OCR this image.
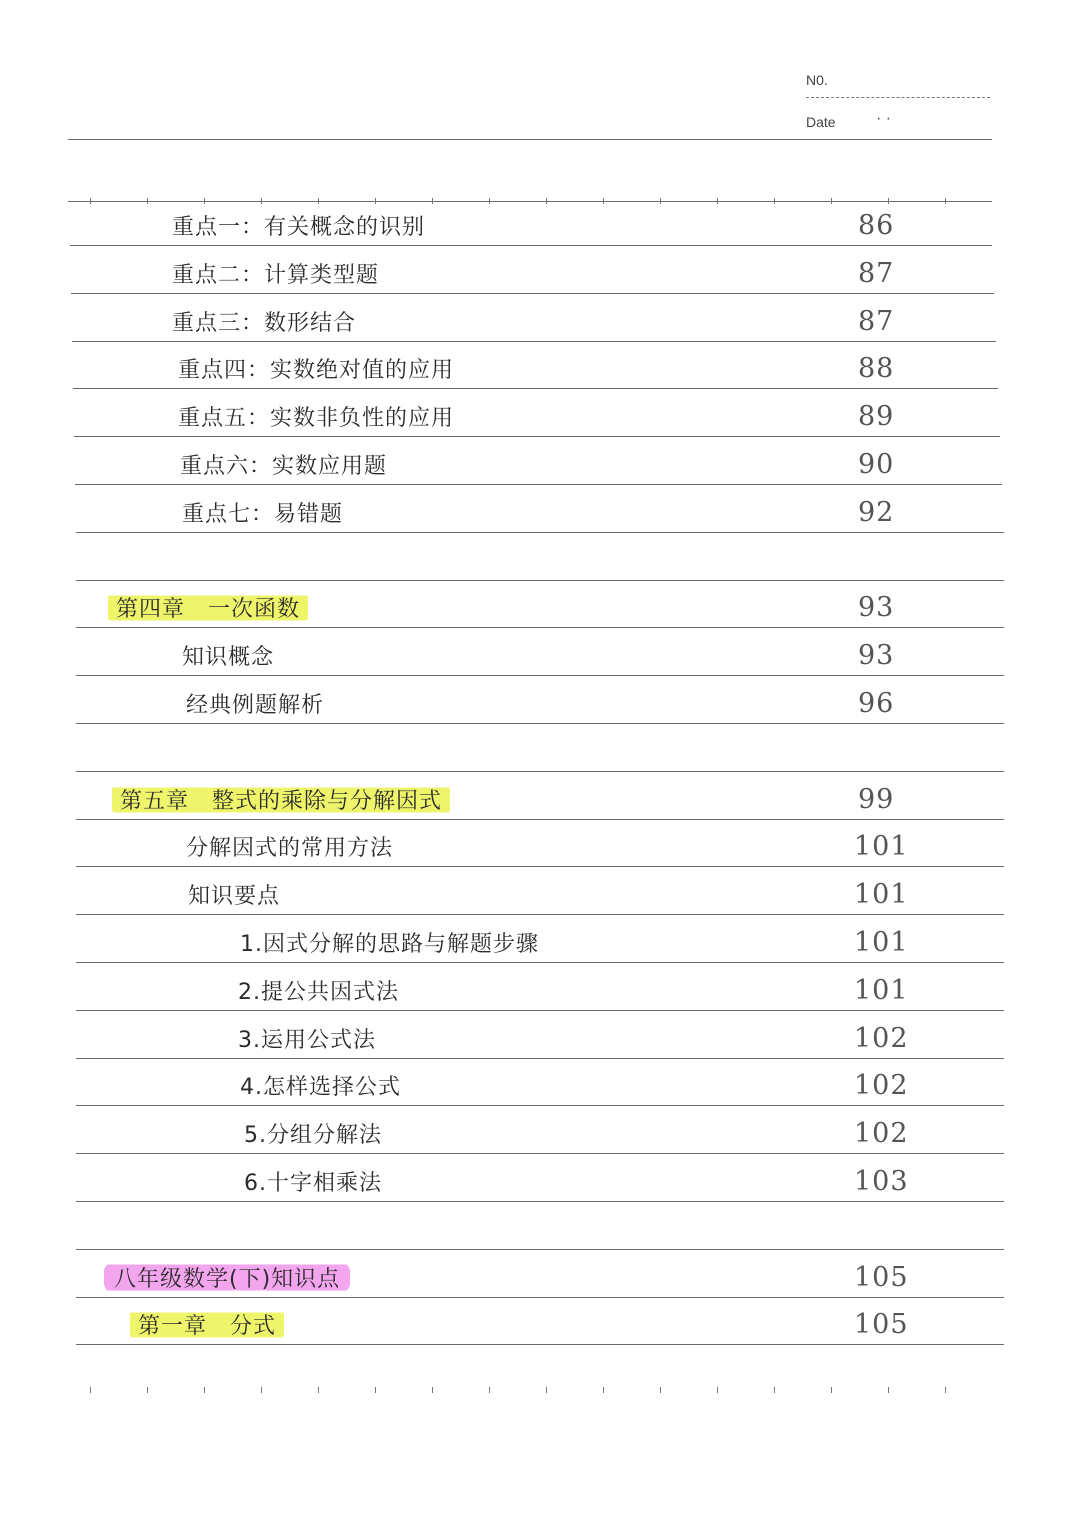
N0.
Date	· ·
重点一：有关概念的识别	86
重点二：计算类型题	87
重点三：数形结合	87
重点四：实数绝对值的应用	88
重点五：实数非负性的应用	89
重点六：实数应用题	90
重点七：易错题	92
第四章　一次函数	93
知识概念	93
经典例题解析	96
第五章　整式的乘除与分解因式	99
分解因式的常用方法	101
知识要点	101
1.因式分解的思路与解题步骤	101
2.提公共因式法	101
3.运用公式法	102
4.怎样选择公式	102
5.分组分解法	102
6.十字相乘法	103
八年级数学(下)知识点	105
第一章　分式	105
